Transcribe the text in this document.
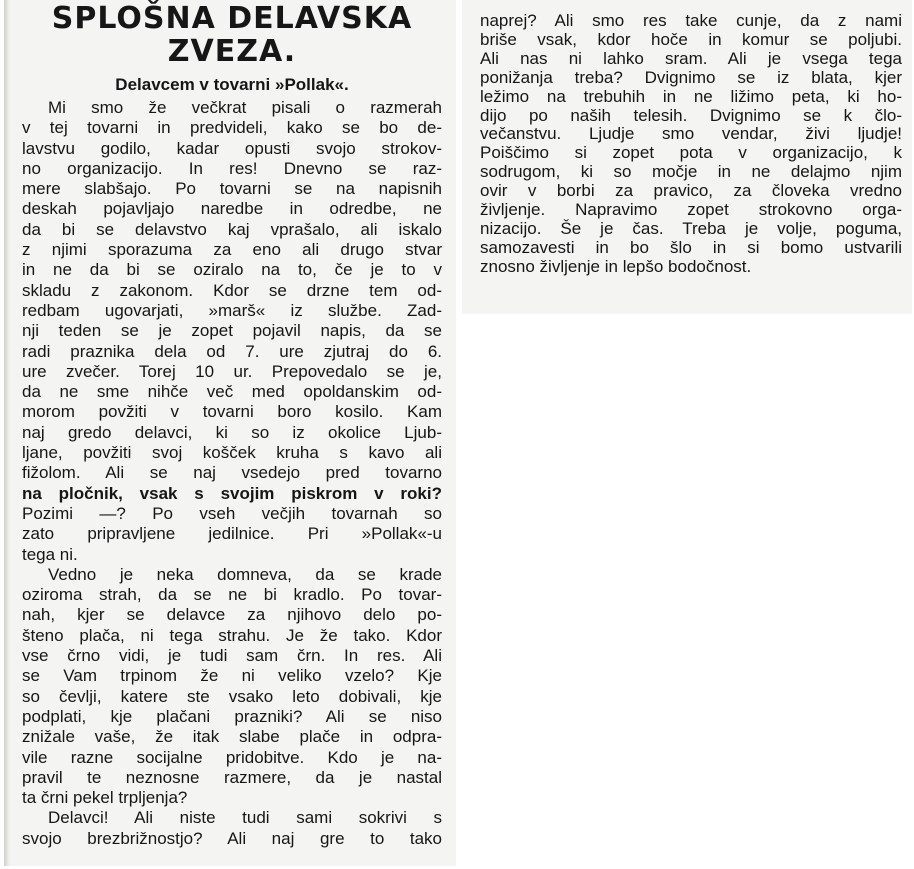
SPLOŠNA DELAVSKA
ZVEZA.

Delavcem v tovarni »Pollak«.

Mi smo že večkrat pisali o razmerah
v tej tovarni in predvideli, kako se bo de-
lavstvu godilo, kadar opusti svojo strokov-
no organizacijo. In res! Dnevno se raz-
mere slabšajo. Po tovarni se na napisnih
deskah pojavljajo naredbe in odredbe, ne
da bi se delavstvo kaj vprašalo, ali iskalo
z njimi sporazuma za eno ali drugo stvar
in ne da bi se oziralo na to, če je to v
skladu z zakonom. Kdor se drzne tem od-
redbam ugovarjati, »marš« iz službe. Zad-
nji teden se je zopet pojavil napis, da se
radi praznika dela od 7. ure zjutraj do 6.
ure zvečer. Torej 10 ur. Prepovedalo se je,
da ne sme nihče več med opoldanskim od-
morom povžiti v tovarni boro kosilo. Kam
naj gredo delavci, ki so iz okolice Ljub-
ljane, povžiti svoj košček kruha s kavo ali
fižolom. Ali se naj vsedejo pred tovarno
na pločnik, vsak s svojim piskrom v roki?
Pozimi —? Po vseh večjih tovarnah so
zato pripravljene jedilnice. Pri »Pollak«-u
tega ni.
Vedno je neka domneva, da se krade
oziroma strah, da se ne bi kradlo. Po tovar-
nah, kjer se delavce za njihovo delo po-
šteno plača, ni tega strahu. Je že tako. Kdor
vse črno vidi, je tudi sam črn. In res. Ali
se Vam trpinom že ni veliko vzelo? Kje
so čevlji, katere ste vsako leto dobivali, kje
podplati, kje plačani prazniki? Ali se niso
znižale vaše, že itak slabe plače in odpra-
vile razne socijalne pridobitve. Kdo je na-
pravil te neznosne razmere, da je nastal
ta črni pekel trpljenja?
Delavci! Ali niste tudi sami sokrivi s
svojo brezbrižnostjo? Ali naj gre to tako
naprej? Ali smo res take cunje, da z nami
briše vsak, kdor hoče in komur se poljubi.
Ali nas ni lahko sram. Ali je vsega tega
ponižanja treba? Dvignimo se iz blata, kjer
ležimo na trebuhih in ne ližimo peta, ki ho-
dijo po naših telesih. Dvignimo se k člo-
večanstvu. Ljudje smo vendar, živi ljudje!
Poiščimo si zopet pota v organizacijo, k
sodrugom, ki so močje in ne delajmo njim
ovir v borbi za pravico, za človeka vredno
življenje. Napravimo zopet strokovno orga-
nizacijo. Še je čas. Treba je volje, poguma,
samozavesti in bo šlo in si bomo ustvarili
znosno življenje in lepšo bodočnost.
